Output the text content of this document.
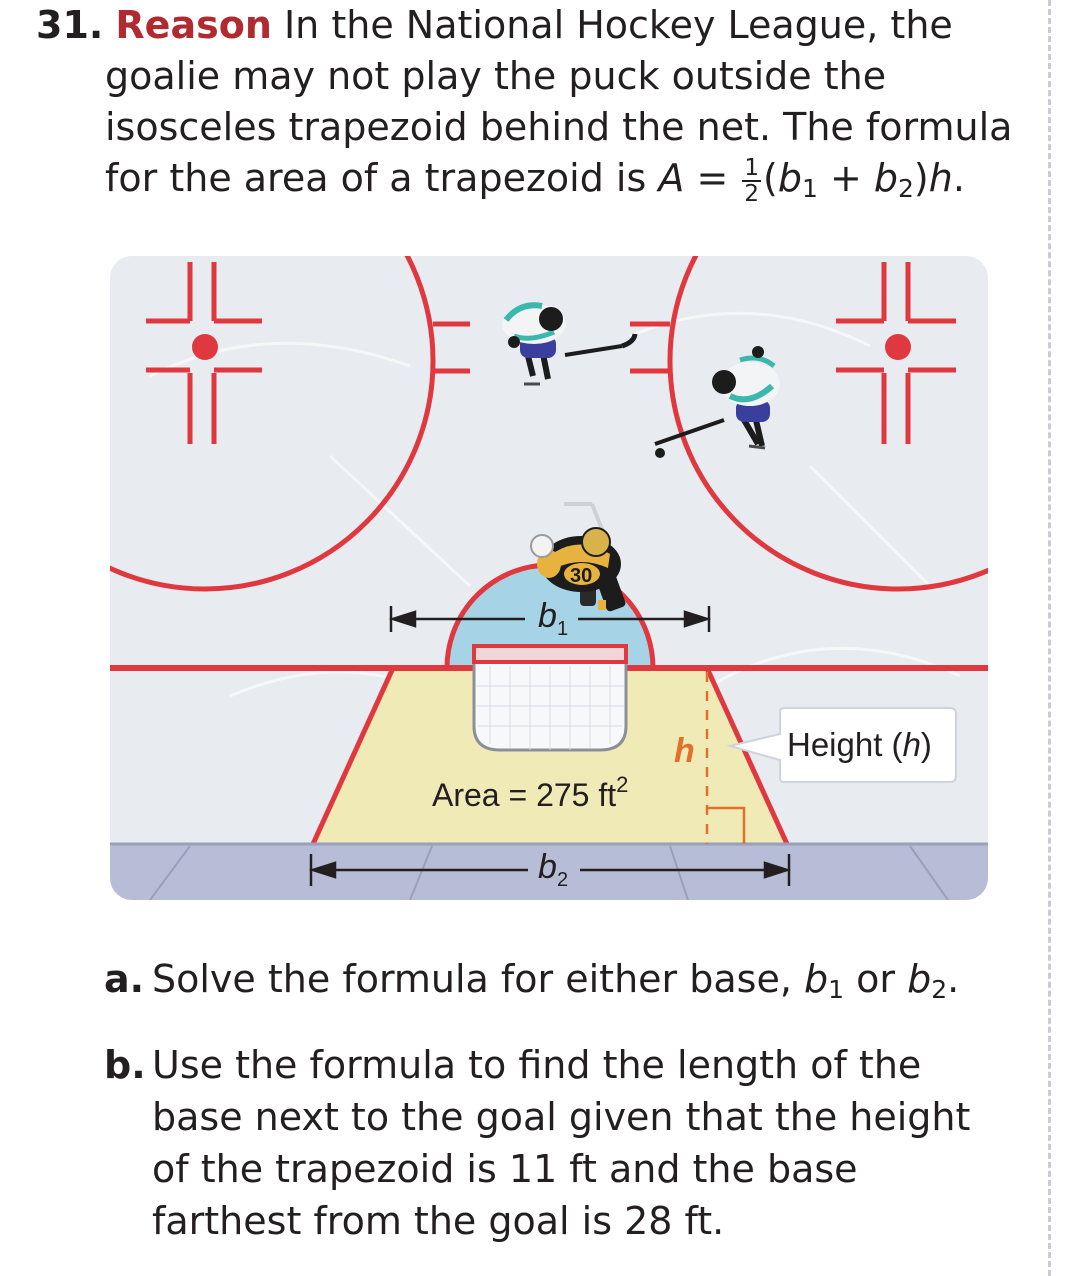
31. Reason In the National Hockey League, the
goalie may not play the puck outside the
isosceles trapezoid behind the net. The formula
for the area of a trapezoid is $A = \frac{1}{2} (b_1 + b_2)h$.
b 1
b 2
h
Area = 275 $ft^2$
Height (h)
30
a. Solve the formula for either base, $b_1$ or $b_2$.
b. Use the formula to find the length of the
base next to the goal given that the height
of the trapezoid is 11 ft and the base
farthest from the goal is 28 ft.
